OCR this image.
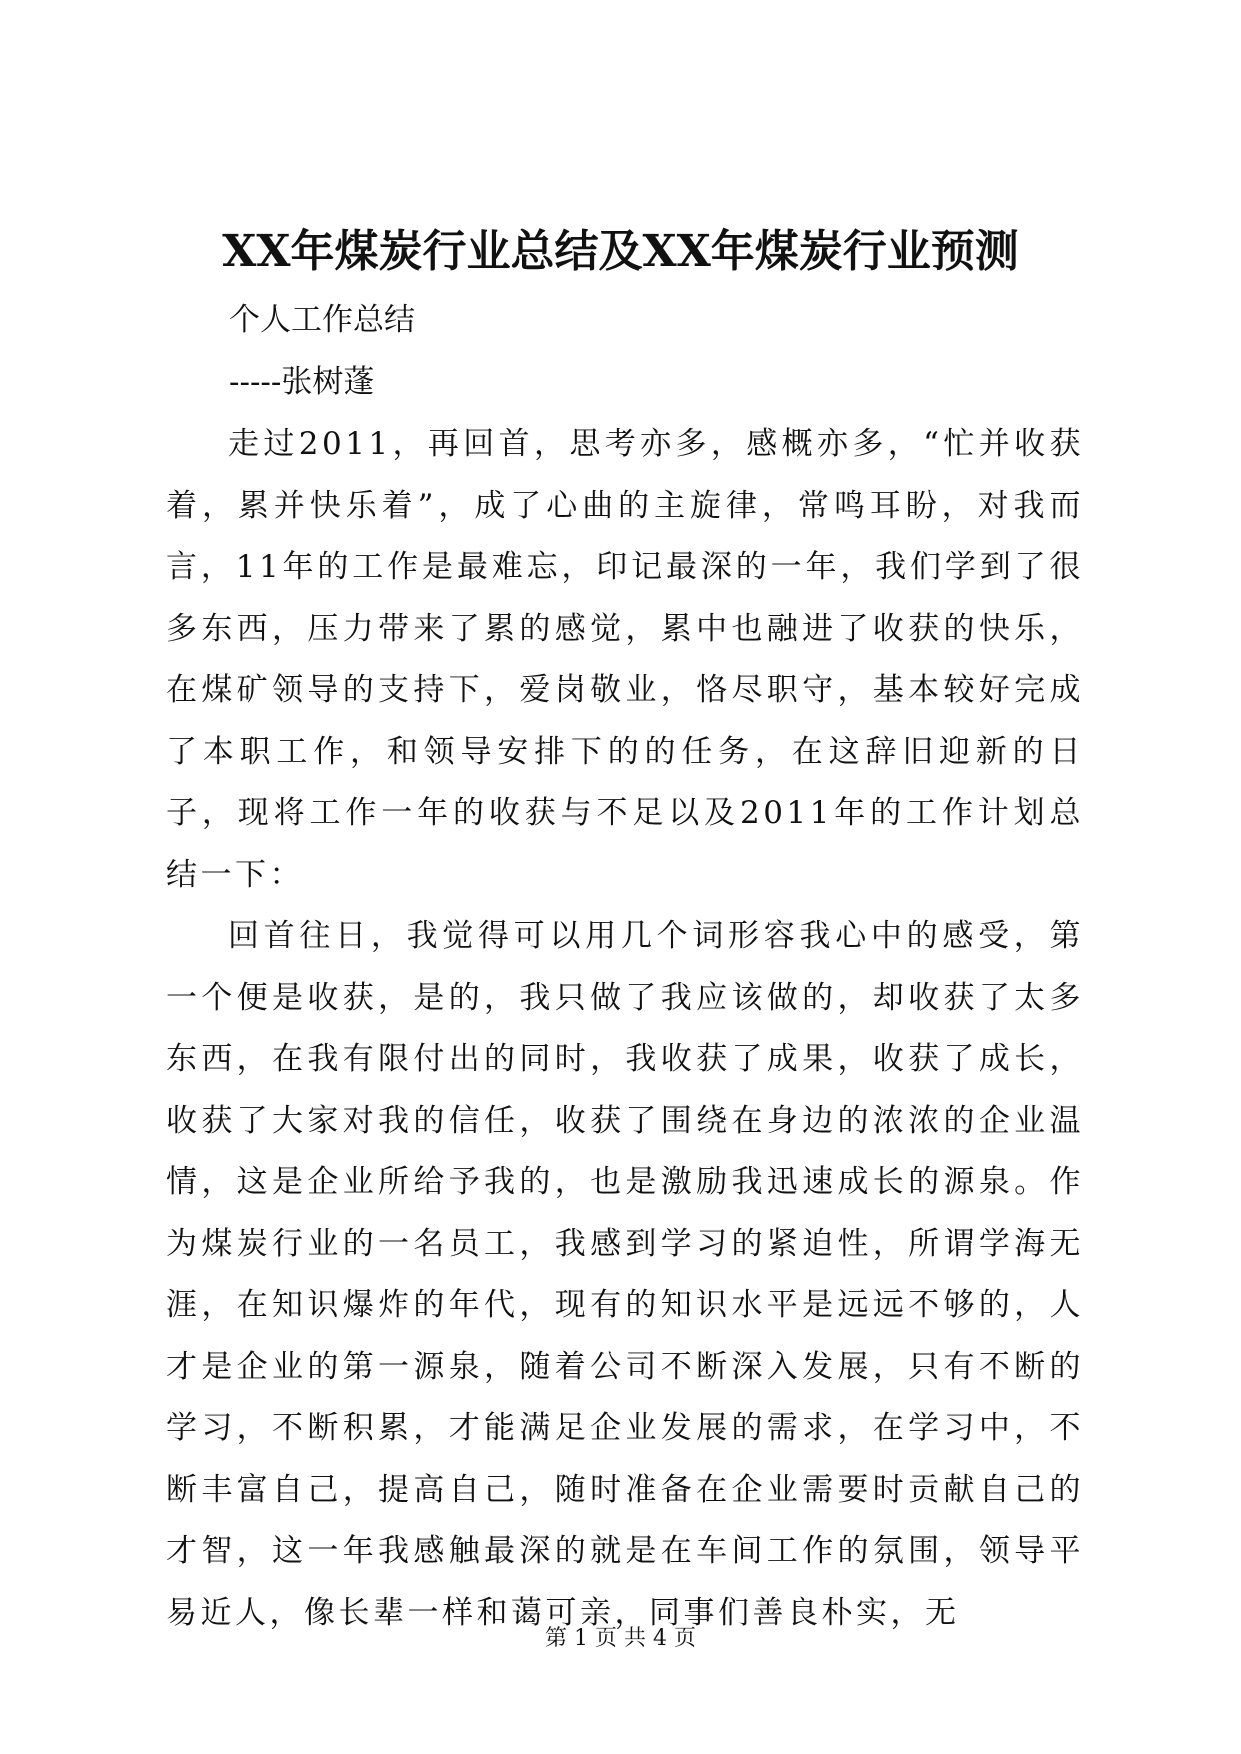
XX年煤炭行业总结及XX年煤炭行业预测
个人工作总结
-----张树蓬

走过2011，再回首，思考亦多，感概亦多，“忙并收获着，累并快乐着”，成了心曲的主旋律，常鸣耳盼，对我而言，11年的工作是最难忘，印记最深的一年，我们学到了很多东西，压力带来了累的感觉，累中也融进了收获的快乐，在煤矿领导的支持下，爱岗敬业，恪尽职守，基本较好完成了本职工作，和领导安排下的的任务，在这辞旧迎新的日子，现将工作一年的收获与不足以及2011年的工作计划总结一下：

回首往日，我觉得可以用几个词形容我心中的感受，第一个便是收获，是的，我只做了我应该做的，却收获了太多东西，在我有限付出的同时，我收获了成果，收获了成长，收获了大家对我的信任，收获了围绕在身边的浓浓的企业温情，这是企业所给予我的，也是激励我迅速成长的源泉。作为煤炭行业的一名员工，我感到学习的紧迫性，所谓学海无涯，在知识爆炸的年代，现有的知识水平是远远不够的，人才是企业的第一源泉，随着公司不断深入发展，只有不断的学习，不断积累，才能满足企业发展的需求，在学习中，不断丰富自己，提高自己，随时准备在企业需要时贡献自己的才智，这一年我感触最深的就是在车间工作的氛围，领导平易近人，像长辈一样和蔼可亲，同事们善良朴实，无

第 1 页 共 4 页
